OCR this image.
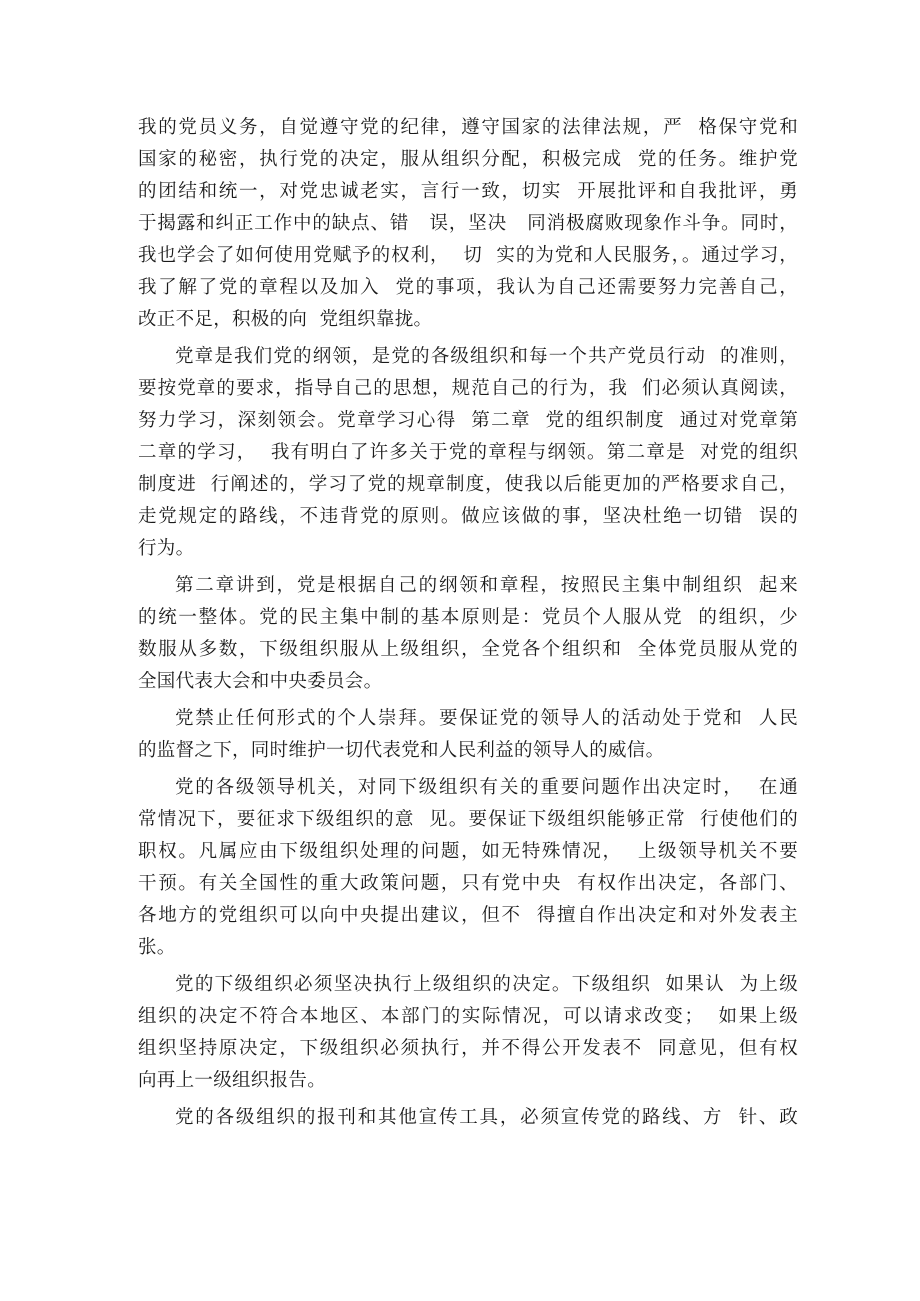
我的党员义务，自觉遵守党的纪律，遵守国家的法律法规，严  格保守党和
国家的秘密，执行党的决定，服从组织分配，积极完成  党的任务。维护党
的团结和统一，对党忠诚老实，言行一致，切实  开展批评和自我批评，勇
于揭露和纠正工作中的缺点、错   误，坚决   同消极腐败现象作斗争。同时，
我也学会了如何使用党赋予的权利，  切  实的为党和人民服务，。通过学习，
我了解了党的章程以及加入  党的事项，我认为自己还需要努力完善自己，
改正不足，积极的向  党组织靠拢。
党章是我们党的纲领，是党的各级组织和每一个共产党员行动  的准则，
要按党章的要求，指导自己的思想，规范自己的行为，我  们必须认真阅读，
努力学习，深刻领会。党章学习心得  第二章  党的组织制度  通过对党章第
二章的学习，  我有明白了许多关于党的章程与纲领。第二章是  对党的组织
制度进  行阐述的，学习了党的规章制度，使我以后能更加的严格要求自己，
走党规定的路线，不违背党的原则。做应该做的事，坚决杜绝一切错  误的
行为。
第二章讲到，党是根据自己的纲领和章程，按照民主集中制组织  起来
的统一整体。党的民主集中制的基本原则是：党员个人服从党  的组织，少
数服从多数，下级组织服从上级组织，全党各个组织和  全体党员服从党的
全国代表大会和中央委员会。
党禁止任何形式的个人崇拜。要保证党的领导人的活动处于党和  人民
的监督之下，同时维护一切代表党和人民利益的领导人的威信。
党的各级领导机关，对同下级组织有关的重要问题作出决定时，  在通
常情况下，要征求下级组织的意  见。要保证下级组织能够正常  行使他们的
职权。凡属应由下级组织处理的问题，如无特殊情况，  上级领导机关不要
干预。有关全国性的重大政策问题，只有党中央  有权作出决定，各部门、
各地方的党组织可以向中央提出建议，但不  得擅自作出决定和对外发表主
张。
党的下级组织必须坚决执行上级组织的决定。下级组织  如果认  为上级
组织的决定不符合本地区、本部门的实际情况，可以请求改变；  如果上级
组织坚持原决定，下级组织必须执行，并不得公开发表不  同意见，但有权
向再上一级组织报告。
党的各级组织的报刊和其他宣传工具，必须宣传党的路线、方  针、政
